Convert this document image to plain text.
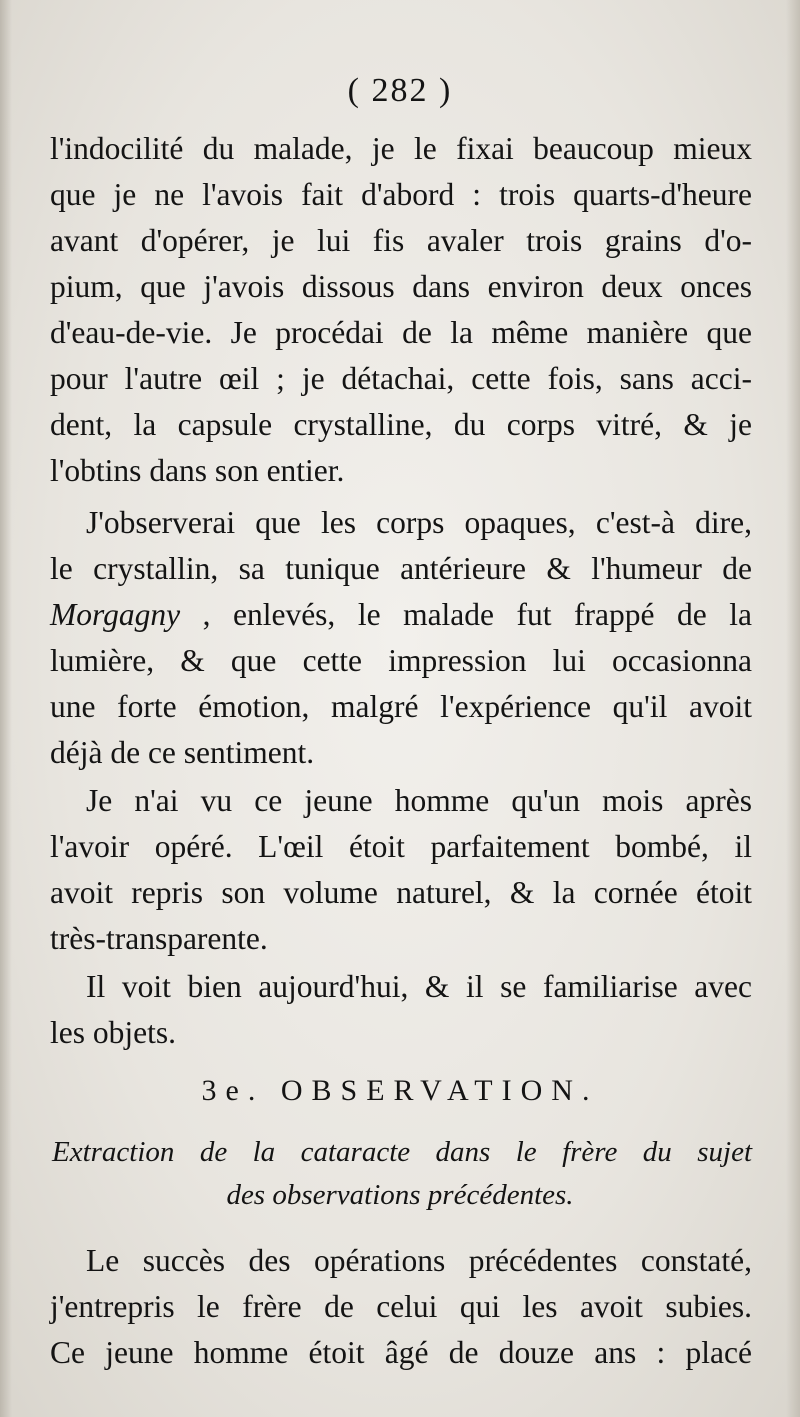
( 282 )
l'indocilité du malade, je le fixai beaucoup mieux
que je ne l'avois fait d'abord : trois quarts-d'heure
avant d'opérer, je lui fis avaler trois grains d'o-
pium, que j'avois dissous dans environ deux onces
d'eau-de-vie. Je procédai de la même manière que
pour l'autre œil ; je détachai, cette fois, sans acci-
dent, la capsule crystalline, du corps vitré, & je
l'obtins dans son entier.
J'observerai que les corps opaques, c'est-à dire,
le crystallin, sa tunique antérieure & l'humeur de
Morgagny , enlevés, le malade fut frappé de la
lumière, & que cette impression lui occasionna
une forte émotion, malgré l'expérience qu'il avoit
déjà de ce sentiment.
Je n'ai vu ce jeune homme qu'un mois après
l'avoir opéré. L'œil étoit parfaitement bombé, il
avoit repris son volume naturel, & la cornée étoit
très-transparente.
Il voit bien aujourd'hui, & il se familiarise avec
les objets.
3e. OBSERVATION.
Extraction de la cataracte dans le frère du sujet
des observations précédentes.
Le succès des opérations précédentes constaté,
j'entrepris le frère de celui qui les avoit subies.
Ce jeune homme étoit âgé de douze ans : placé
